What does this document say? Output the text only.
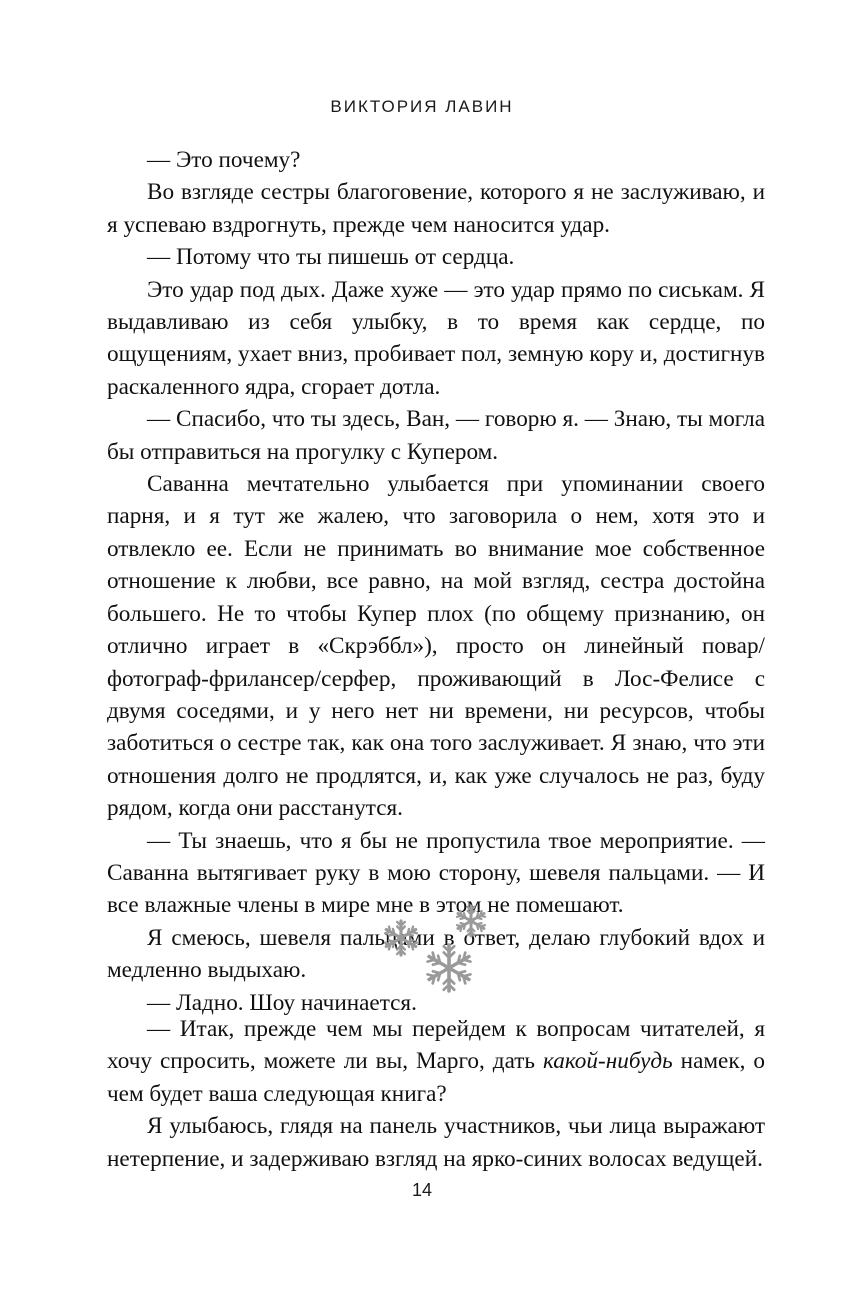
ВИКТОРИЯ ЛАВИН

— Это почему?

Во взгляде сестры благоговение, которого я не заслуживаю, и я успеваю вздрогнуть, прежде чем наносится удар.

— Потому что ты пишешь от сердца.

Это удар под дых. Даже хуже — это удар прямо по сиськам. Я выдавливаю из себя улыбку, в то время как сердце, по ощущениям, ухает вниз, пробивает пол, земную кору и, достигнув раскаленного ядра, сгорает дотла.

— Спасибо, что ты здесь, Ван, — говорю я. — Знаю, ты могла бы отправиться на прогулку с Купером.

Саванна мечтательно улыбается при упоминании своего парня, и я тут же жалею, что заговорила о нем, хотя это и отвлекло ее. Если не принимать во внимание мое собственное отношение к любви, все равно, на мой взгляд, сестра достойна большего. Не то чтобы Купер плох (по общему признанию, он отлично играет в «Скрэббл»), просто он линейный повар/фотограф-фрилансер/серфер, проживающий в Лос-Фелисе с двумя соседями, и у него нет ни времени, ни ресурсов, чтобы заботиться о сестре так, как она того заслуживает. Я знаю, что эти отношения долго не продлятся, и, как уже случалось не раз, буду рядом, когда они расстанутся.

— Ты знаешь, что я бы не пропустила твое мероприятие. — Саванна вытягивает руку в мою сторону, шевеля пальцами. — И все влажные члены в мире мне в этом не помешают.

Я смеюсь, шевеля пальцами в ответ, делаю глубокий вдох и медленно выдыхаю.

— Ладно. Шоу начинается.

— Итак, прежде чем мы перейдем к вопросам читателей, я хочу спросить, можете ли вы, Марго, дать какой-нибудь намек, о чем будет ваша следующая книга?

Я улыбаюсь, глядя на панель участников, чьи лица выражают нетерпение, и задерживаю взгляд на ярко-синих волосах ведущей.

14
